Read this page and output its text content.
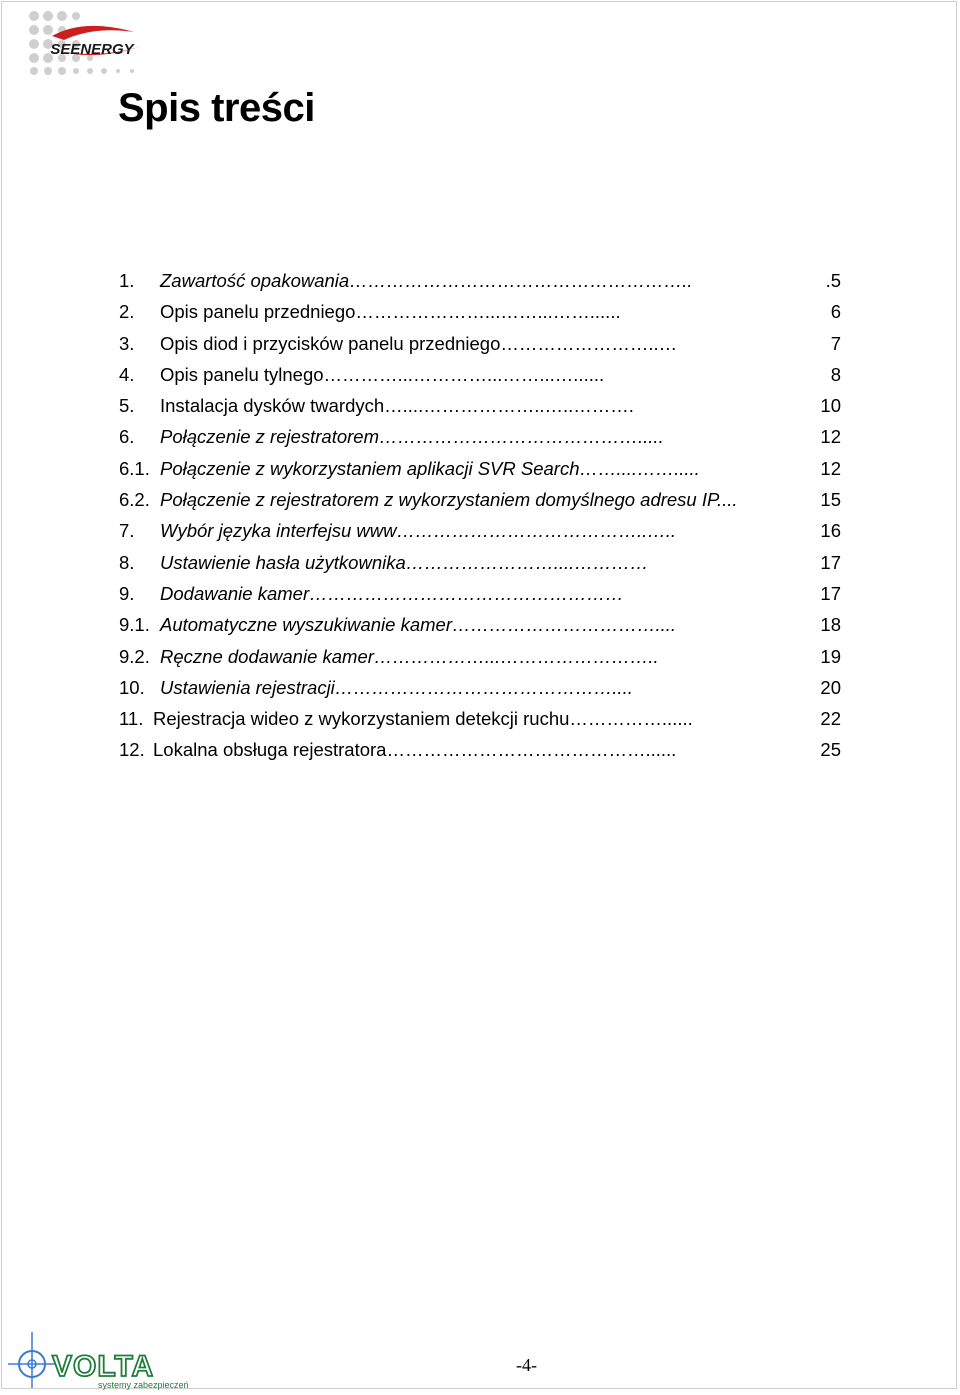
SEENERGY
Spis treści
1. Zawartość opakowania………………………………………………..	.5
2. Opis panelu przedniego…………………...……...……......	6
3. Opis diod i przycisków panelu przedniego……………………..…	7
4. Opis panelu tylnego…………...…………...……...…......	8
5. Instalacja dysków twardych…....………………..…..……….	10
6. Połączenie z rejestratorem…………………………………….....	12
6.1. Połączenie z wykorzystaniem aplikacji SVR Search……....…….....	12
6.2. Połączenie z rejestratorem z wykorzystaniem domyślnego adresu IP....	15
7. Wybór języka interfejsu www…………………………………..…..	16
8. Ustawienie hasła użytkownika……………………....…………	17
9. Dodawanie kamer……………………………………………	17
9.1. Automatyczne wyszukiwanie kamer……………………………....	18
9.2. Ręczne dodawanie kamer………………...……………………..	19
10. Ustawienia rejestracji………………………………………....	20
11. Rejestracja wideo z wykorzystaniem detekcji ruchu……………......	22
12. Lokalna obsługa rejestratora……………………………………......	25
-4-
VOLTA
systemy zabezpieczeń
